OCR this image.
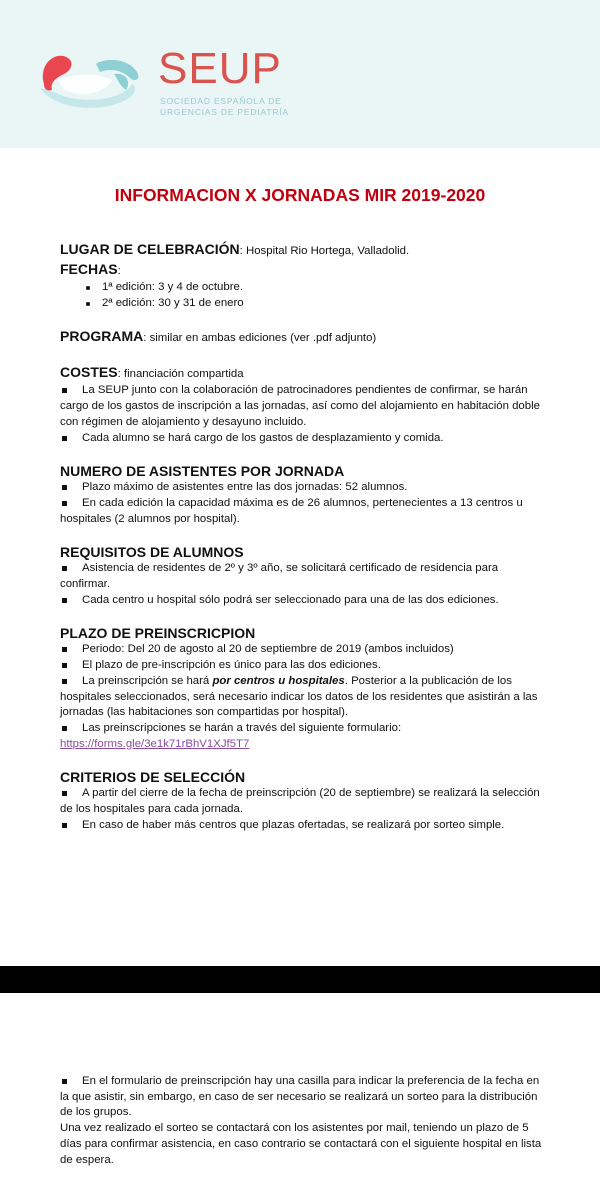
SEUP
SOCIEDAD ESPAÑOLA DE
URGENCIAS DE PEDIATRÍA
INFORMACION X JORNADAS MIR 2019-2020
LUGAR DE CELEBRACIÓN: Hospital Rio Hortega, Valladolid.
FECHAS:
1ª edición: 3 y 4 de octubre.
2ª edición: 30 y 31 de enero
PROGRAMA: similar en ambas ediciones (ver .pdf adjunto)
COSTES: financiación compartida
La SEUP junto con la colaboración de patrocinadores pendientes de confirmar, se harán cargo de los gastos de inscripción a las jornadas, así como del alojamiento en habitación doble con régimen de alojamiento y desayuno incluido.
Cada alumno se hará cargo de los gastos de desplazamiento y comida.
NUMERO DE ASISTENTES POR JORNADA
Plazo máximo de asistentes entre las dos jornadas: 52 alumnos.
En cada edición la capacidad máxima es de 26 alumnos, pertenecientes a 13 centros u hospitales (2 alumnos por hospital).
REQUISITOS DE ALUMNOS
Asistencia de residentes de 2º y 3º año, se solicitará certificado de residencia para confirmar.
Cada centro u hospital sólo podrá ser seleccionado para una de las dos ediciones.
PLAZO DE PREINSCRICPION
Periodo: Del 20 de agosto al 20 de septiembre de 2019 (ambos incluidos)
El plazo de pre-inscripción es único para las dos ediciones.
La preinscripción se hará por centros u hospitales. Posterior a la publicación de los hospitales seleccionados, será necesario indicar los datos de los residentes que asistirán a las jornadas (las habitaciones son compartidas por hospital).
Las preinscripciones se harán a través del siguiente formulario:
https://forms.gle/3e1k71rBhV1XJf5T7
CRITERIOS DE SELECCIÓN
A partir del cierre de la fecha de preinscripción (20 de septiembre) se realizará la selección de los hospitales para cada jornada.
En caso de haber más centros que plazas ofertadas, se realizará por sorteo simple.
En el formulario de preinscripción hay una casilla para indicar la preferencia de la fecha en la que asistir, sin embargo, en caso de ser necesario se realizará un sorteo para la distribución de los grupos.
Una vez realizado el sorteo se contactará con los asistentes por mail, teniendo un plazo de 5 días para confirmar asistencia, en caso contrario se contactará con el siguiente hospital en lista de espera.
